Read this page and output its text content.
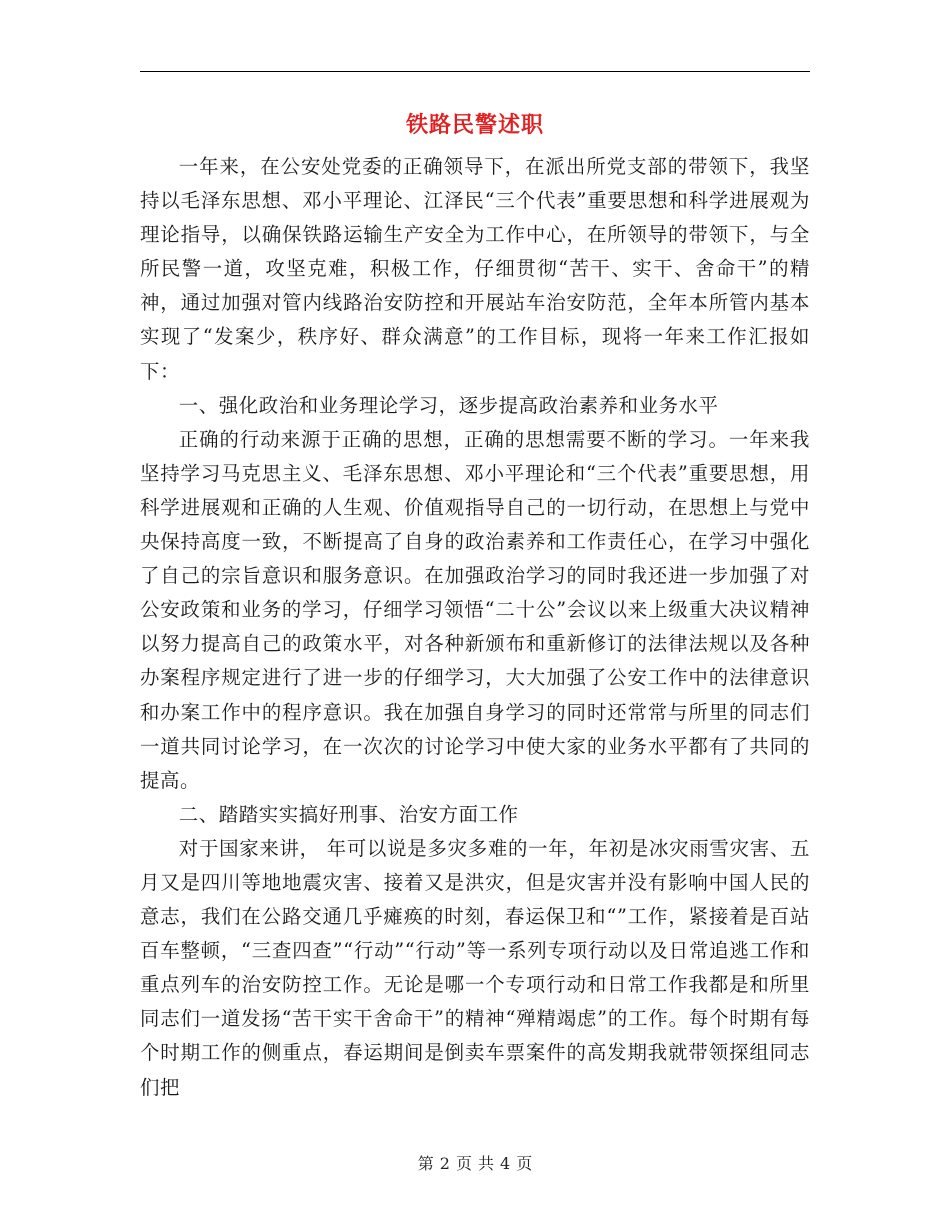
铁路民警述职

一年来，在公安处党委的正确领导下，在派出所党支部的带领下，我坚持以毛泽东思想、邓小平理论、江泽民“三个代表”重要思想和科学进展观为理论指导，以确保铁路运输生产安全为工作中心，在所领导的带领下，与全所民警一道，攻坚克难，积极工作，仔细贯彻“苦干、实干、舍命干”的精神，通过加强对管内线路治安防控和开展站车治安防范，全年本所管内基本实现了“发案少，秩序好、群众满意”的工作目标，现将一年来工作汇报如下：

一、强化政治和业务理论学习，逐步提高政治素养和业务水平

正确的行动来源于正确的思想，正确的思想需要不断的学习。一年来我坚持学习马克思主义、毛泽东思想、邓小平理论和“三个代表”重要思想，用科学进展观和正确的人生观、价值观指导自己的一切行动，在思想上与党中央保持高度一致，不断提高了自身的政治素养和工作责任心，在学习中强化了自己的宗旨意识和服务意识。在加强政治学习的同时我还进一步加强了对公安政策和业务的学习，仔细学习领悟“二十公”会议以来上级重大决议精神以努力提高自己的政策水平，对各种新颁布和重新修订的法律法规以及各种办案程序规定进行了进一步的仔细学习，大大加强了公安工作中的法律意识和办案工作中的程序意识。我在加强自身学习的同时还常常与所里的同志们一道共同讨论学习，在一次次的讨论学习中使大家的业务水平都有了共同的提高。

二、踏踏实实搞好刑事、治安方面工作

对于国家来讲， 年可以说是多灾多难的一年，年初是冰灾雨雪灾害、五月又是四川等地地震灾害、接着又是洪灾，但是灾害并没有影响中国人民的意志，我们在公路交通几乎瘫痪的时刻，春运保卫和“”工作，紧接着是百站百车整顿，“三查四查”“行动”“行动”等一系列专项行动以及日常追逃工作和重点列车的治安防控工作。无论是哪一个专项行动和日常工作我都是和所里同志们一道发扬“苦干实干舍命干”的精神“殚精竭虑”的工作。每个时期有每个时期工作的侧重点，春运期间是倒卖车票案件的高发期我就带领探组同志们把

第 2 页 共 4 页
